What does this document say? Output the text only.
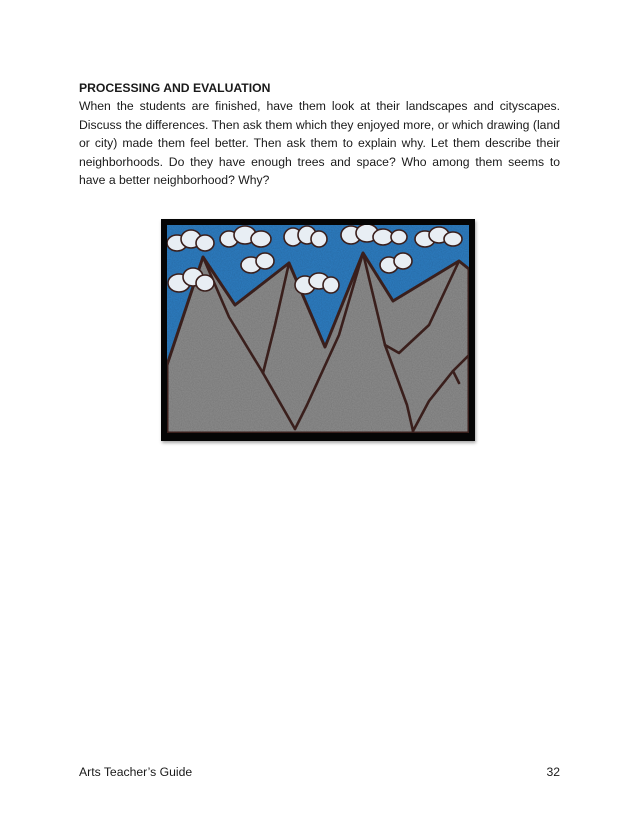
PROCESSING AND EVALUATION

When the students are finished, have them look at their landscapes and cityscapes. Discuss the differences. Then ask them which they enjoyed more, or which drawing (land or city) made them feel better. Then ask them to explain why. Let them describe their neighborhoods. Do they have enough trees and space? Who among them seems to have a better neighborhood? Why?

Arts Teacher’s Guide	32
